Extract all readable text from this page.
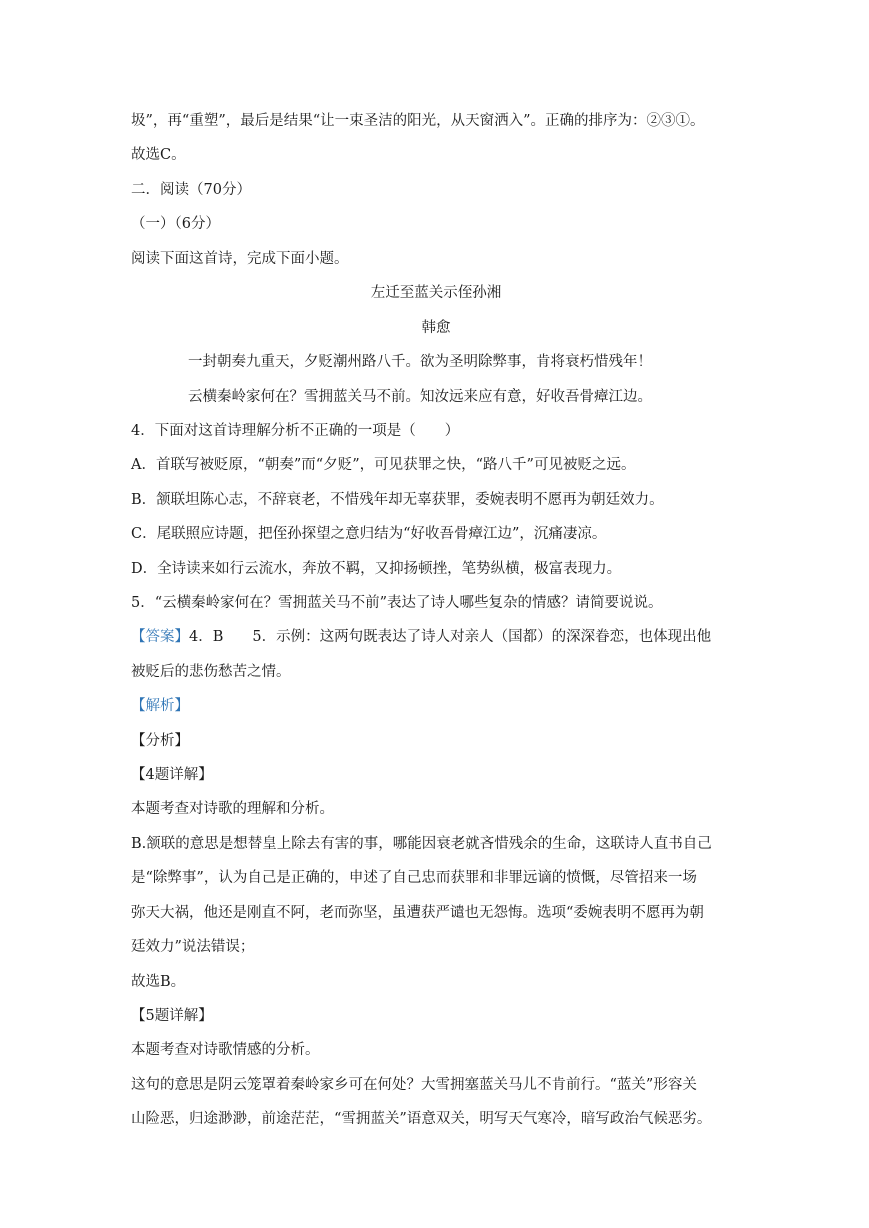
圾”，再“重塑”，最后是结果“让一束圣洁的阳光，从天窗洒入”。正确的排序为：②③①。
故选C。
二．阅读（70分）
（一）（6分）
阅读下面这首诗，完成下面小题。
左迁至蓝关示侄孙湘
韩愈
一封朝奏九重天，夕贬潮州路八千。欲为圣明除弊事，肯将衰朽惜残年！
云横秦岭家何在？雪拥蓝关马不前。知汝远来应有意，好收吾骨瘴江边。
4．下面对这首诗理解分析不正确的一项是（　　）
A．首联写被贬原，“朝奏”而“夕贬”，可见获罪之快，“路八千”可见被贬之远。
B．颔联坦陈心志，不辞衰老，不惜残年却无辜获罪，委婉表明不愿再为朝廷效力。
C．尾联照应诗题，把侄孙探望之意归结为“好收吾骨瘴江边”，沉痛凄凉。
D．全诗读来如行云流水，奔放不羁，又抑扬顿挫，笔势纵横，极富表现力。
5．“云横秦岭家何在？雪拥蓝关马不前”表达了诗人哪些复杂的情感？请简要说说。
【答案】4．B　　5．示例：这两句既表达了诗人对亲人（国都）的深深眷恋，也体现出他
被贬后的悲伤愁苦之情。
【解析】
【分析】
【4题详解】
本题考查对诗歌的理解和分析。
B.颔联的意思是想替皇上除去有害的事，哪能因衰老就吝惜残余的生命，这联诗人直书自己
是“除弊事”，认为自己是正确的，申述了自己忠而获罪和非罪远谪的愤慨，尽管招来一场
弥天大祸，他还是刚直不阿，老而弥坚，虽遭获严谴也无怨悔。选项“委婉表明不愿再为朝
廷效力”说法错误；
故选B。
【5题详解】
本题考查对诗歌情感的分析。
这句的意思是阴云笼罩着秦岭家乡可在何处？大雪拥塞蓝关马儿不肯前行。“蓝关”形容关
山险恶，归途渺渺，前途茫茫，“雪拥蓝关”语意双关，明写天气寒冷，暗写政治气候恶劣。
